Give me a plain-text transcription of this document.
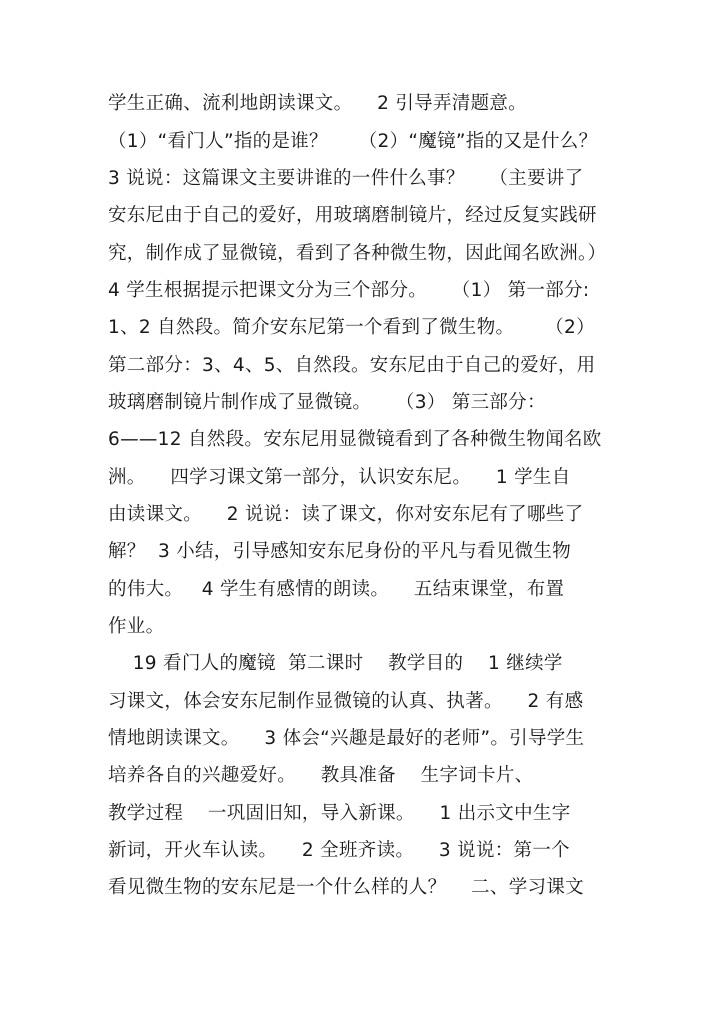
学生正确、流利地朗读课文。    2 引导弄清题意。
（1）“看门人”指的是谁？     （2）“魔镜”指的又是什么？
3 说说：这篇课文主要讲谁的一件什么事？    （主要讲了
安东尼由于自己的爱好，用玻璃磨制镜片，经过反复实践研
究，制作成了显微镜，看到了各种微生物，因此闻名欧洲。）
4 学生根据提示把课文分为三个部分。    （1） 第一部分:
1、2 自然段。简介安东尼第一个看到了微生物。     （2）
第二部分：3、4、5、自然段。安东尼由于自己的爱好，用
玻璃磨制镜片制作成了显微镜。    （3） 第三部分：
6——12 自然段。安东尼用显微镜看到了各种微生物闻名欧
洲。    四学习课文第一部分，认识安东尼。    1 学生自
由读课文。    2 说说：读了课文，你对安东尼有了哪些了
解？  3 小结，引导感知安东尼身份的平凡与看见微生物
的伟大。   4 学生有感情的朗读。    五结束课堂，布置
作业。
19 看门人的魔镜  第二课时    教学目的    1 继续学
习课文，体会安东尼制作显微镜的认真、执著。    2 有感
情地朗读课文。    3 体会“兴趣是最好的老师”。引导学生
培养各自的兴趣爱好。    教具准备    生字词卡片、
教学过程    一巩固旧知，导入新课。    1 出示文中生字
新词，开火车认读。    2 全班齐读。    3 说说：第一个
看见微生物的安东尼是一个什么样的人？    二、学习课文
